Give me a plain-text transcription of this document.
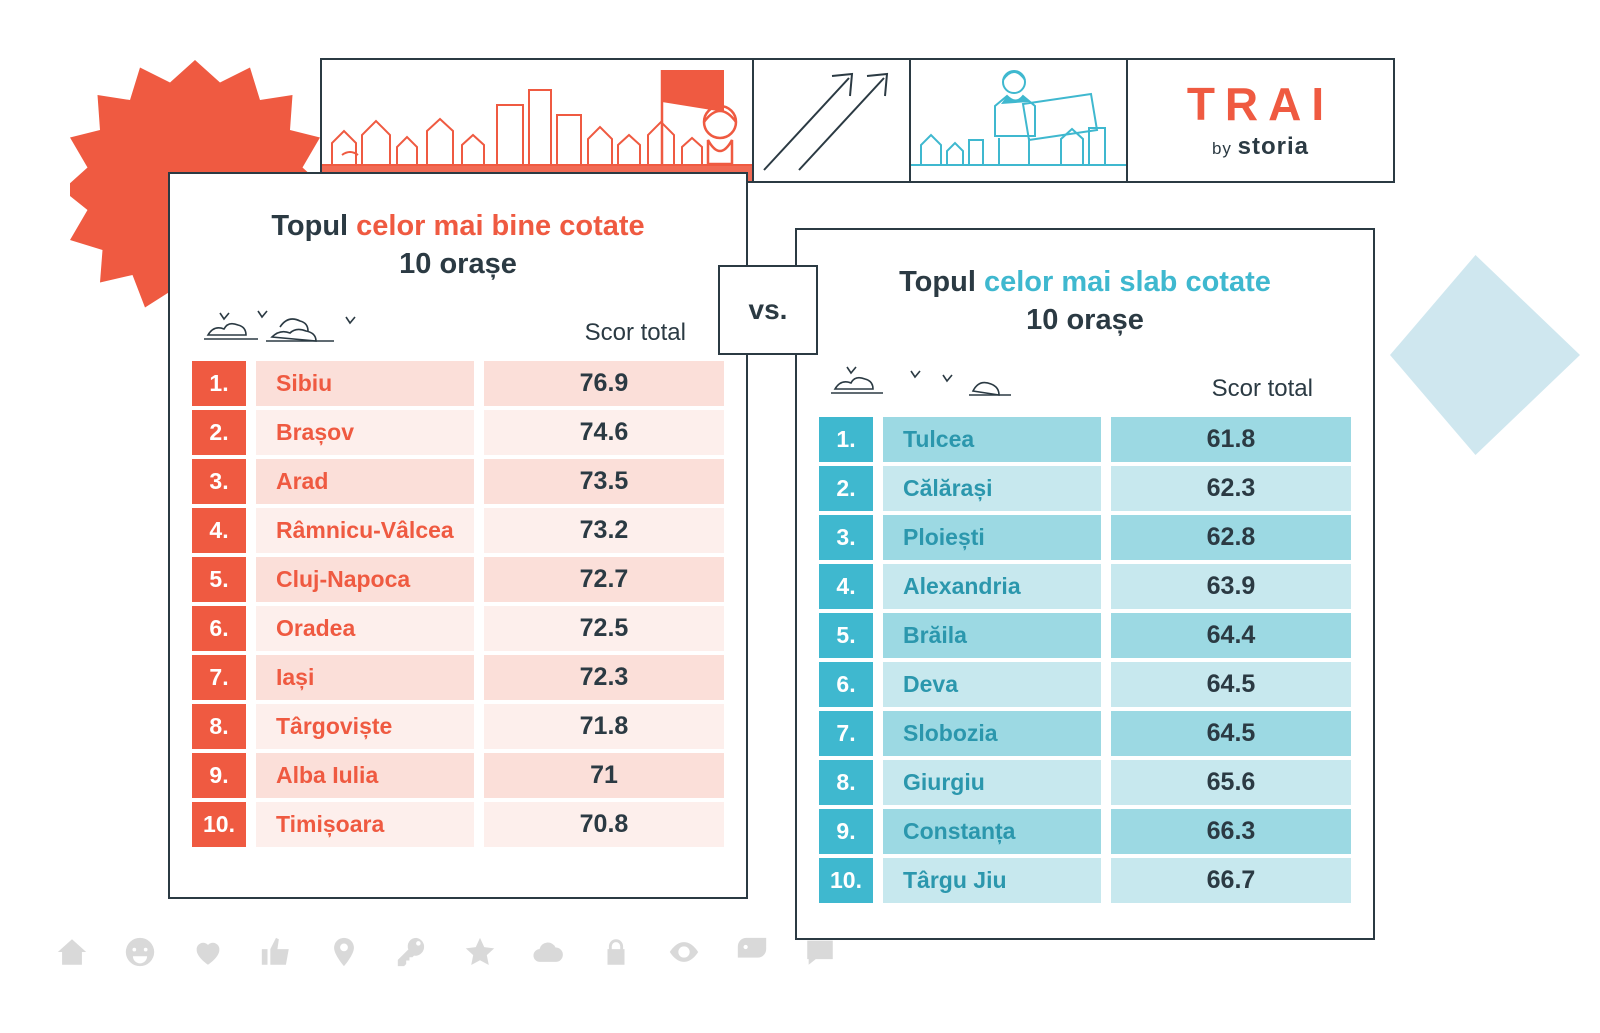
TRAI
by storia
Topul celor mai bine cotate
10 orașe
Scor total
1.		Sibiu		76.9
2.		Brașov		74.6
3.		Arad		73.5
4.		Râmnicu-Vâlcea		73.2
5.		Cluj-Napoca		72.7
6.		Oradea		72.5
7.		Iași		72.3
8.		Târgoviște		71.8
9.		Alba Iulia		71
10.		Timișoara		70.8
vs.
Topul celor mai slab cotate
10 orașe
Scor total
1.		Tulcea		61.8
2.		Călărași		62.3
3.		Ploiești		62.8
4.		Alexandria		63.9
5.		Brăila		64.4
6.		Deva		64.5
7.		Slobozia		64.5
8.		Giurgiu		65.6
9.		Constanța		66.3
10.		Târgu Jiu		66.7
